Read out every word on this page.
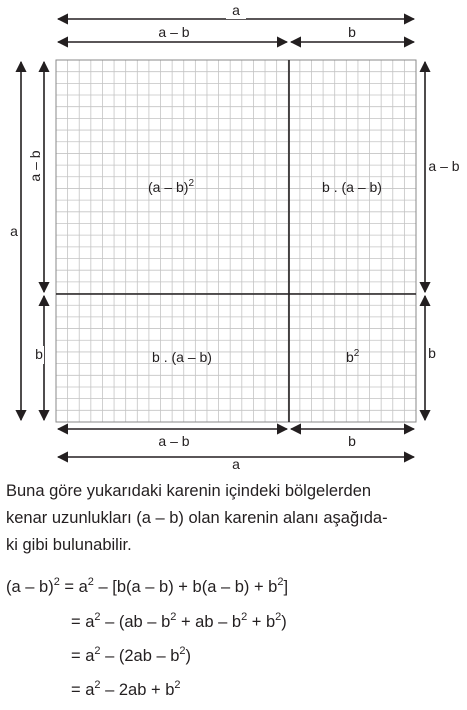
a
a – b	b
a
a – b
b
a – b
b
a – b	b
a
(a – b)$^2$	b . (a – b)
b . (a – b)	$b^2$

Buna göre yukarıdaki karenin içindeki bölgelerden
kenar uzunlukları (a – b) olan karenin alanı aşağıda-
ki gibi bulunabilir.

$(a - b)^2 = a^2 - [b(a - b) + b(a - b) + b^2]$
= $a^2 - (ab - b^2$ + ab – $b^2 + b^2$)
= $a^2 - (2ab - b^2)$
= $a^2 - 2ab + b^2$
